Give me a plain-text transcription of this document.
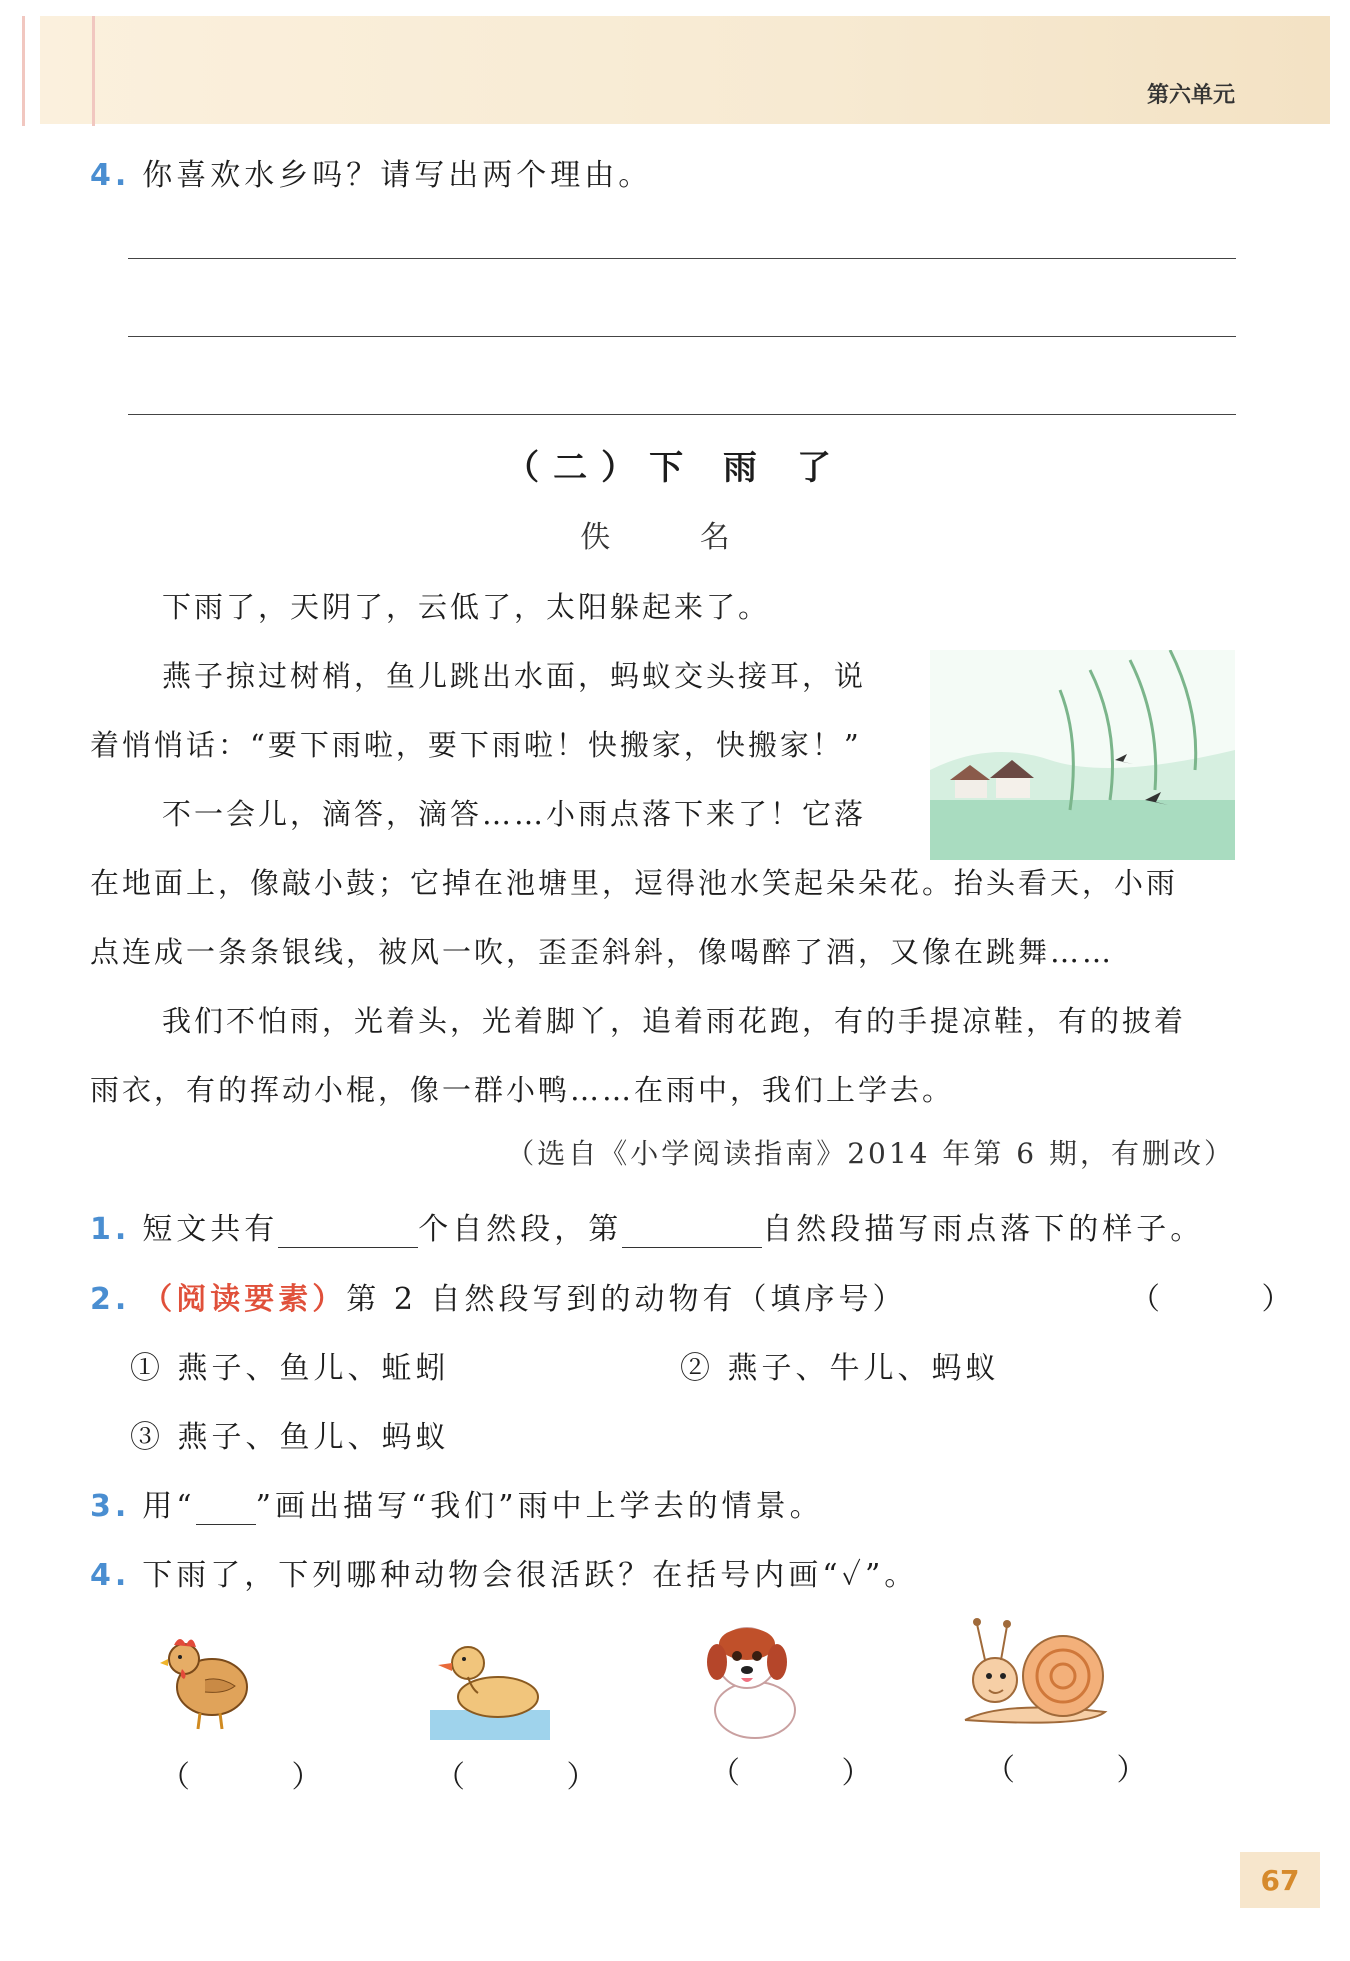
第六单元
4. 你喜欢水乡吗？请写出两个理由。
（二）下 雨 了
佚 名
下雨了，天阴了，云低了，太阳躲起来了。
燕子掠过树梢，鱼儿跳出水面，蚂蚁交头接耳，说
着悄悄话：“要下雨啦，要下雨啦！快搬家，快搬家！”
不一会儿，滴答，滴答……小雨点落下来了！它落
在地面上，像敲小鼓；它掉在池塘里，逗得池水笑起朵朵花。抬头看天，小雨
点连成一条条银线，被风一吹，歪歪斜斜，像喝醉了酒，又像在跳舞……
我们不怕雨，光着头，光着脚丫，追着雨花跑，有的手提凉鞋，有的披着
雨衣，有的挥动小棍，像一群小鸭……在雨中，我们上学去。
（选自《小学阅读指南》2014 年第 6 期，有删改）
1. 短文共有	个自然段，第	自然段描写雨点落下的样子。
2. （阅读要素）第 2 自然段写到的动物有（填序号）	（ ）
① 燕子、鱼儿、蚯蚓	② 燕子、牛儿、蚂蚁
③ 燕子、鱼儿、蚂蚁
3. 用“ ”画出描写“我们”雨中上学去的情景。
4. 下雨了，下列哪种动物会很活跃？在括号内画“✓”。
（ ） （ ） （ ） （ ）
67
